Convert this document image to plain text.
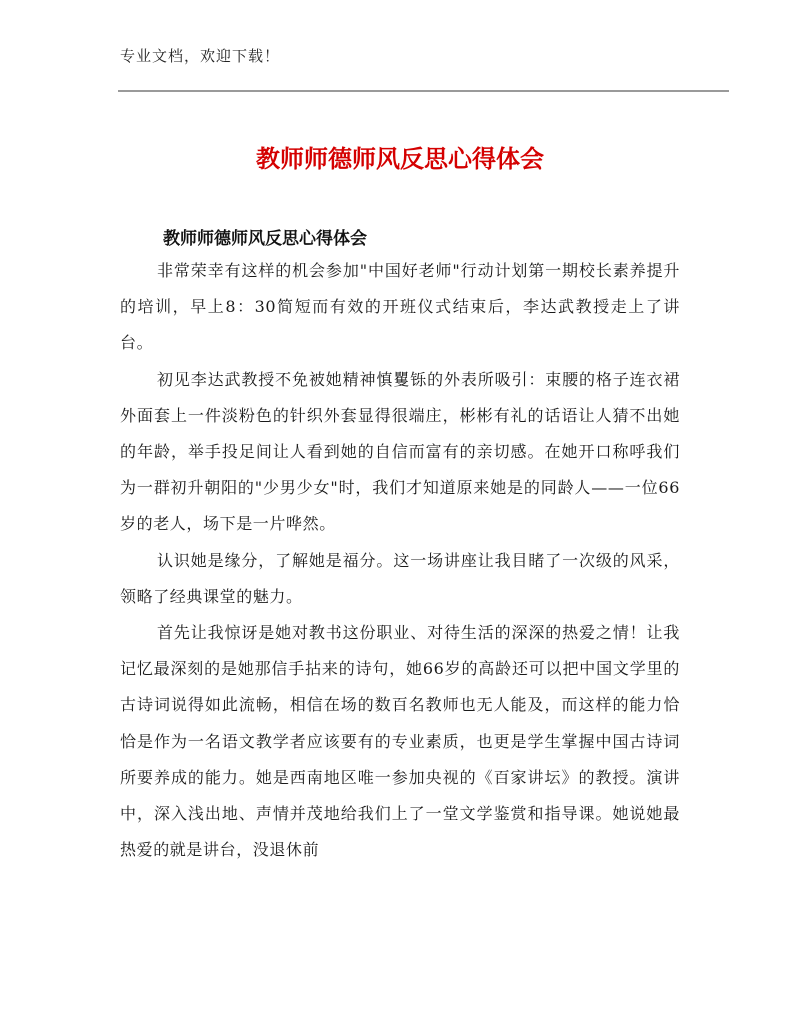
专业文档，欢迎下载！
教师师德师风反思心得体会
教师师德师风反思心得体会

非常荣幸有这样的机会参加"中国好老师"行动计划第一期校长素养提升的培训，早上8：30简短而有效的开班仪式结束后，李达武教授走上了讲台。

初见李达武教授不免被她精神慎矍铄的外表所吸引：束腰的格子连衣裙外面套上一件淡粉色的针织外套显得很端庄，彬彬有礼的话语让人猜不出她的年龄，举手投足间让人看到她的自信而富有的亲切感。在她开口称呼我们为一群初升朝阳的"少男少女"时，我们才知道原来她是的同龄人——一位66岁的老人，场下是一片哗然。

认识她是缘分，了解她是福分。这一场讲座让我目睹了一次级的风采，领略了经典课堂的魅力。

首先让我惊讶是她对教书这份职业、对待生活的深深的热爱之情！让我记忆最深刻的是她那信手拈来的诗句，她66岁的高龄还可以把中国文学里的古诗词说得如此流畅，相信在场的数百名教师也无人能及，而这样的能力恰恰是作为一名语文教学者应该要有的专业素质，也更是学生掌握中国古诗词所要养成的能力。她是西南地区唯一参加央视的《百家讲坛》的教授。演讲中，深入浅出地、声情并茂地给我们上了一堂文学鉴赏和指导课。她说她最热爱的就是讲台，没退休前
